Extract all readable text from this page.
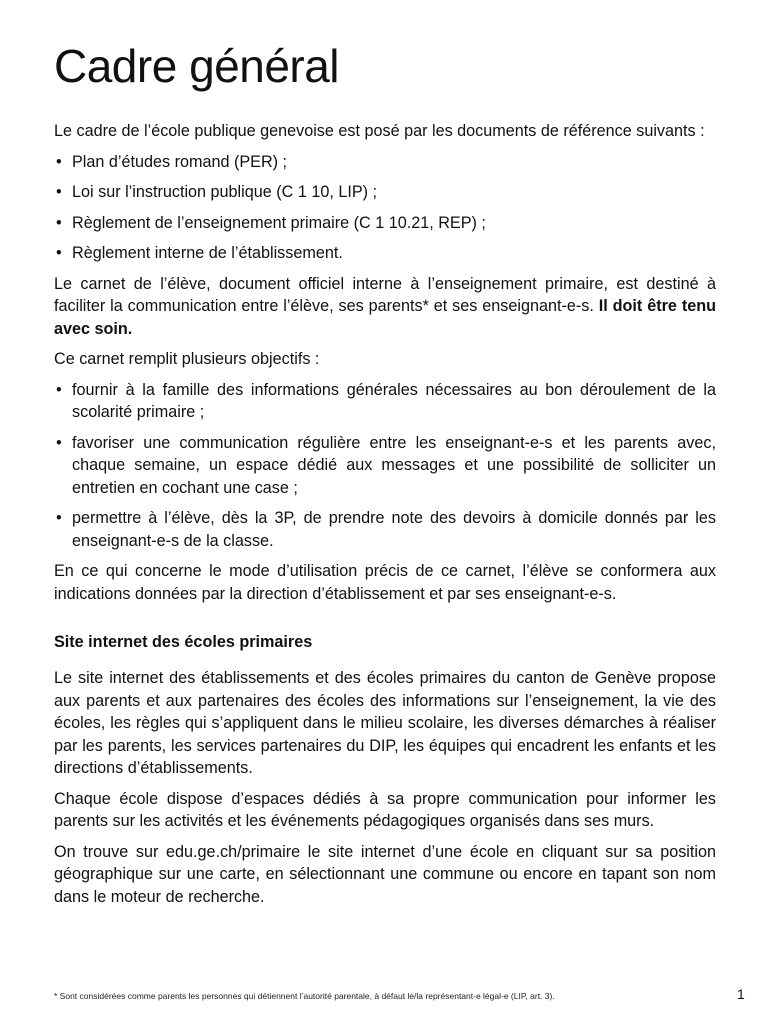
Cadre général

Le cadre de l’école publique genevoise est posé par les documents de référence suivants :

• Plan d’études romand (PER) ;
• Loi sur l’instruction publique (C 1 10, LIP) ;
• Règlement de l’enseignement primaire (C 1 10.21, REP) ;
• Règlement interne de l’établissement.

Le carnet de l’élève, document officiel interne à l’enseignement primaire, est destiné à faciliter la communication entre l’élève, ses parents* et ses enseignant-e-s. Il doit être tenu avec soin.

Ce carnet remplit plusieurs objectifs :

• fournir à la famille des informations générales nécessaires au bon déroulement de la scolarité primaire ;
• favoriser une communication régulière entre les enseignant-e-s et les parents avec, chaque semaine, un espace dédié aux messages et une possibilité de solliciter un entretien en cochant une case ;
• permettre à l’élève, dès la 3P, de prendre note des devoirs à domicile donnés par les enseignant-e-s de la classe.

En ce qui concerne le mode d’utilisation précis de ce carnet, l’élève se conformera aux indications données par la direction d’établissement et par ses enseignant-e-s.

Site internet des écoles primaires

Le site internet des établissements et des écoles primaires du canton de Genève propose aux parents et aux partenaires des écoles des informations sur l’enseignement, la vie des écoles, les règles qui s’appliquent dans le milieu scolaire, les diverses démarches à réaliser par les parents, les services partenaires du DIP, les équipes qui encadrent les enfants et les directions d’établissements.

Chaque école dispose d’espaces dédiés à sa propre communication pour informer les parents sur les activités et les événements pédagogiques organisés dans ses murs.

On trouve sur edu.ge.ch/primaire le site internet d’une école en cliquant sur sa position géographique sur une carte, en sélectionnant une commune ou encore en tapant son nom dans le moteur de recherche.

* Sont considérées comme parents les personnes qui détiennent l’autorité parentale, à défaut le/la représentant-e légal-e (LIP, art. 3).	1
